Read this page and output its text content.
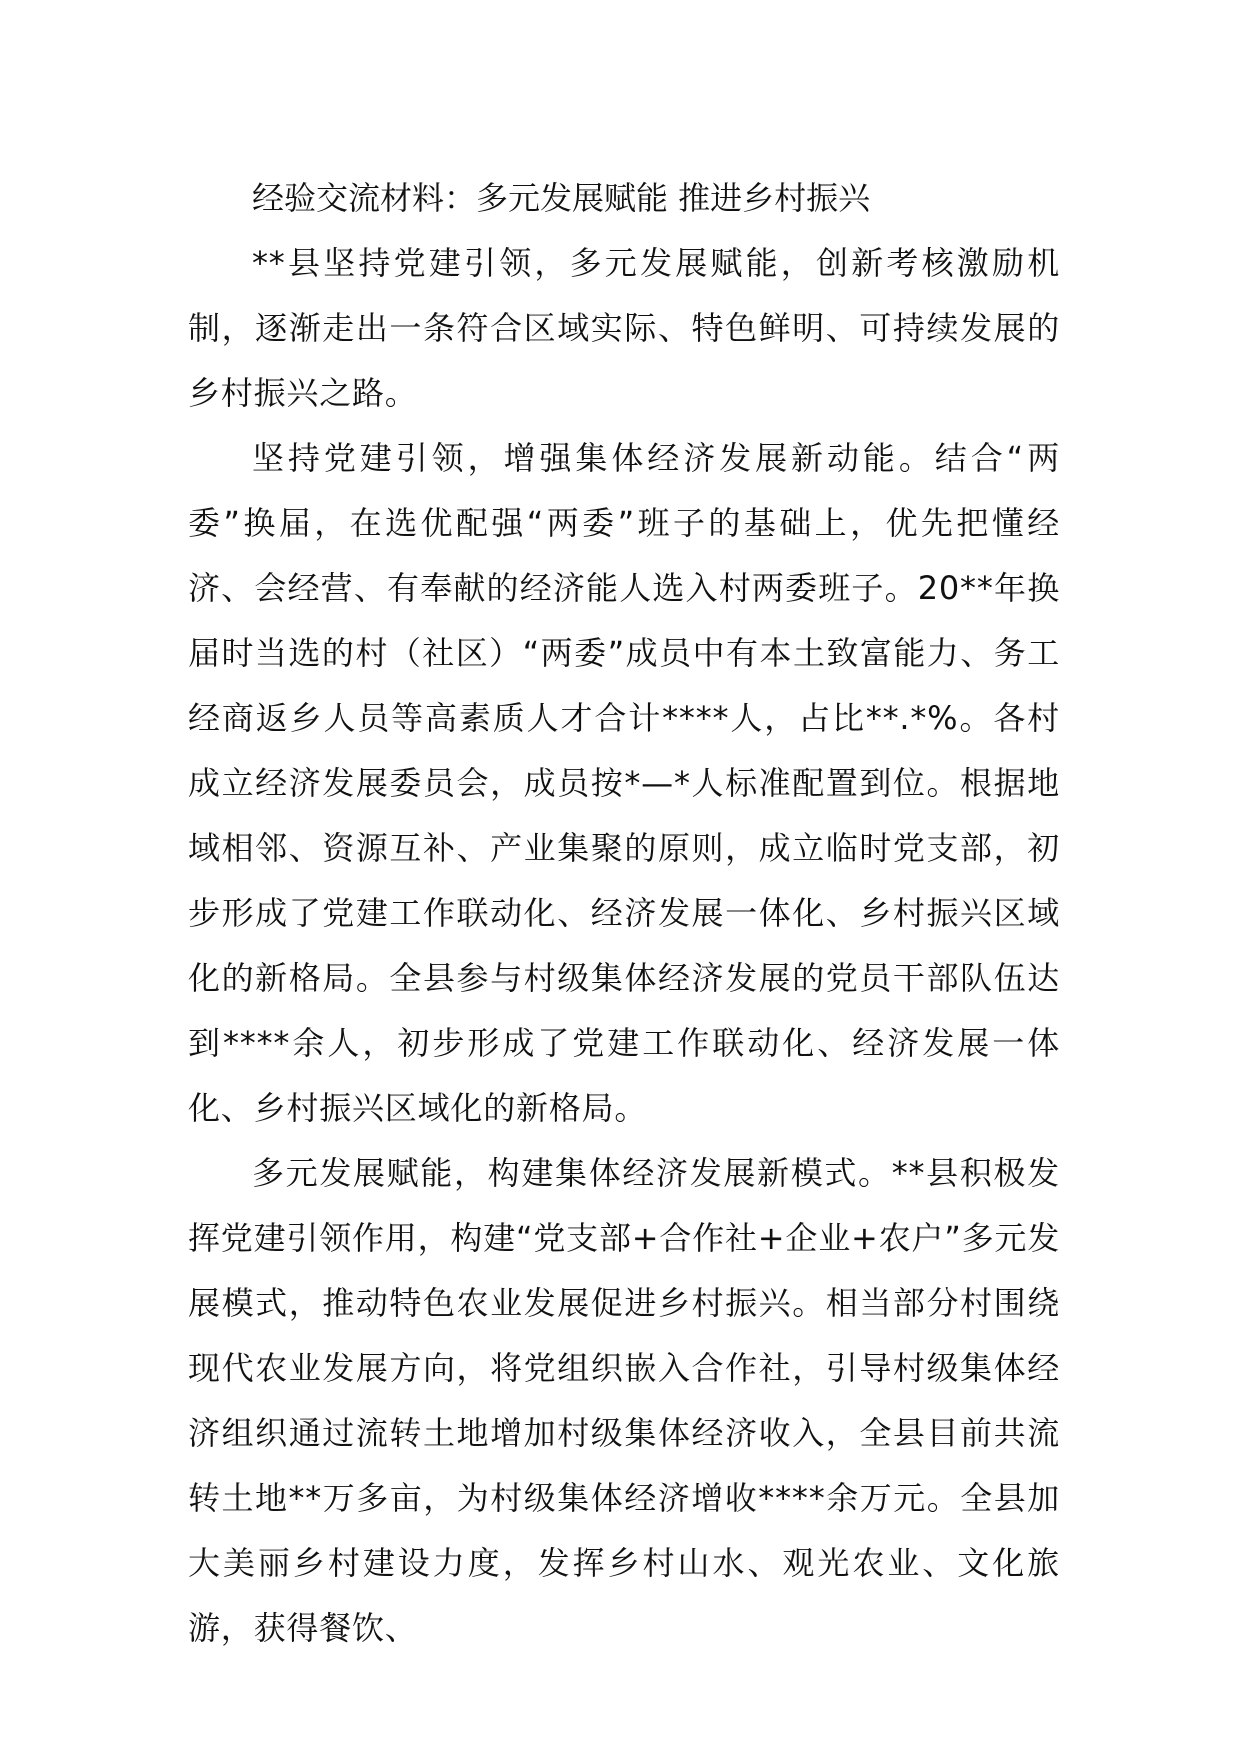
经验交流材料：多元发展赋能 推进乡村振兴

**县坚持党建引领，多元发展赋能，创新考核激励机制，逐渐走出一条符合区域实际、特色鲜明、可持续发展的乡村振兴之路。

坚持党建引领，增强集体经济发展新动能。结合“两委”换届，在选优配强“两委”班子的基础上，优先把懂经济、会经营、有奉献的经济能人选入村两委班子。20**年换届时当选的村（社区）“两委”成员中有本土致富能力、务工经商返乡人员等高素质人才合计****人，占比**.*%。各村成立经济发展委员会，成员按*—*人标准配置到位。根据地域相邻、资源互补、产业集聚的原则，成立临时党支部，初步形成了党建工作联动化、经济发展一体化、乡村振兴区域化的新格局。全县参与村级集体经济发展的党员干部队伍达到****余人，初步形成了党建工作联动化、经济发展一体化、乡村振兴区域化的新格局。

多元发展赋能，构建集体经济发展新模式。**县积极发挥党建引领作用，构建“党支部+合作社+企业+农户”多元发展模式，推动特色农业发展促进乡村振兴。相当部分村围绕现代农业发展方向，将党组织嵌入合作社，引导村级集体经济组织通过流转土地增加村级集体经济收入，全县目前共流转土地**万多亩，为村级集体经济增收****余万元。全县加大美丽乡村建设力度，发挥乡村山水、观光农业、文化旅游，获得餐饮、
